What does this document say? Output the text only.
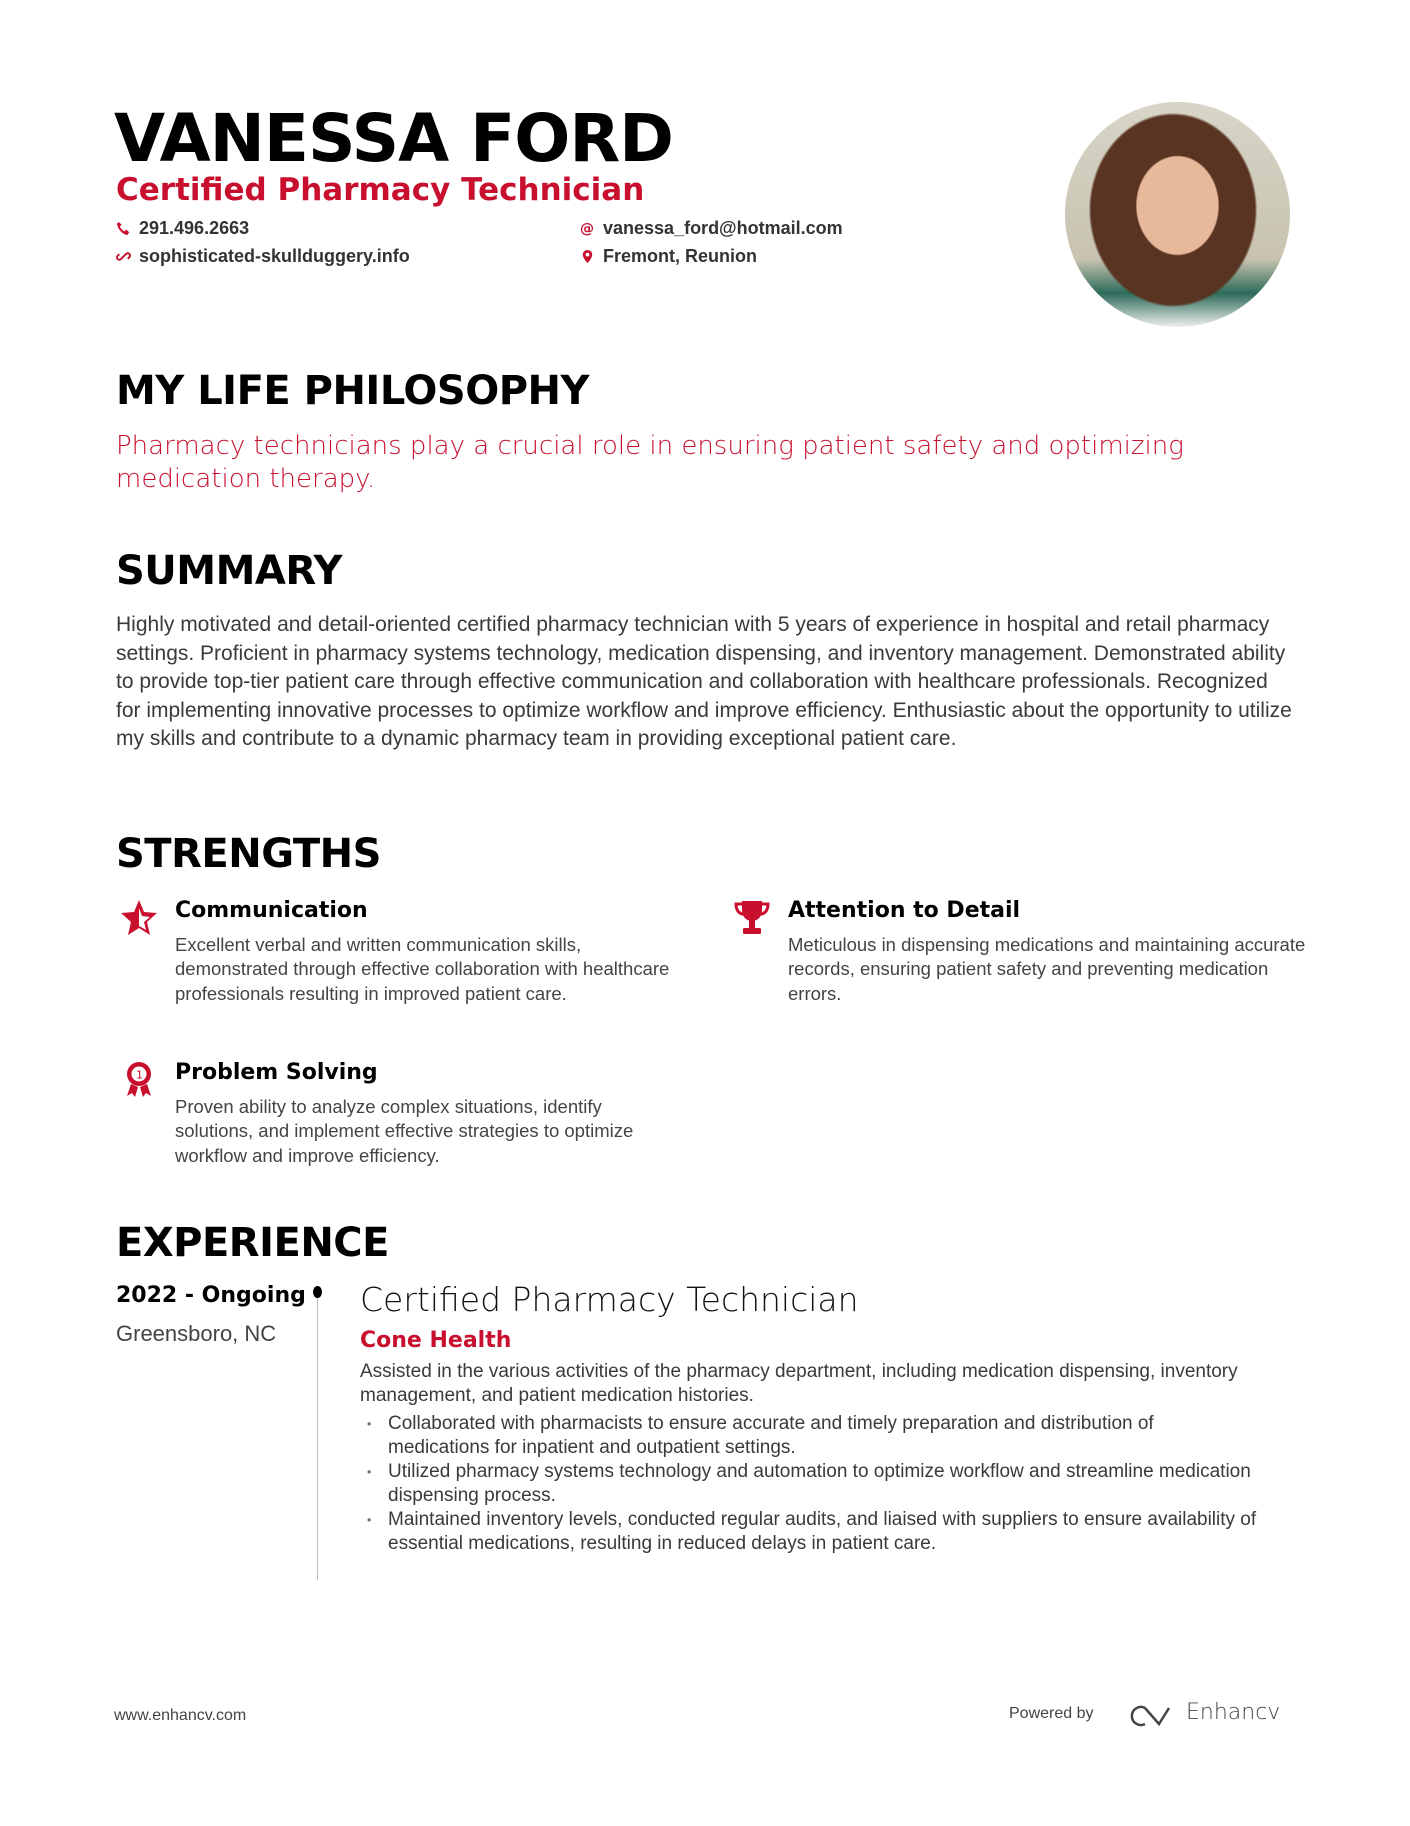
VANESSA FORD
Certified Pharmacy Technician
291.496.2663
sophisticated-skullduggery.info
@ vanessa_ford@hotmail.com
Fremont, Reunion
MY LIFE PHILOSOPHY
Pharmacy technicians play a crucial role in ensuring patient safety and optimizing medication therapy.
SUMMARY
Highly motivated and detail-oriented certified pharmacy technician with 5 years of experience in hospital and retail pharmacy settings. Proficient in pharmacy systems technology, medication dispensing, and inventory management. Demonstrated ability to provide top-tier patient care through effective communication and collaboration with healthcare professionals. Recognized for implementing innovative processes to optimize workflow and improve efficiency. Enthusiastic about the opportunity to utilize my skills and contribute to a dynamic pharmacy team in providing exceptional patient care.
STRENGTHS
Communication

Excellent verbal and written communication skills, demonstrated through effective collaboration with healthcare professionals resulting in improved patient care.

Attention to Detail

Meticulous in dispensing medications and maintaining accurate records, ensuring patient safety and preventing medication errors.

1 Problem Solving

Proven ability to analyze complex situations, identify solutions, and implement effective strategies to optimize workflow and improve efficiency.

EXPERIENCE
2022 - Ongoing
Greensboro, NC
Certified Pharmacy Technician
Cone Health
Assisted in the various activities of the pharmacy department, including medication dispensing, inventory management, and patient medication histories.
• Collaborated with pharmacists to ensure accurate and timely preparation and distribution of medications for inpatient and outpatient settings.
• Utilized pharmacy systems technology and automation to optimize workflow and streamline medication dispensing process.
• Maintained inventory levels, conducted regular audits, and liaised with suppliers to ensure availability of essential medications, resulting in reduced delays in patient care.
www.enhancv.com	Powered by	Enhancv
